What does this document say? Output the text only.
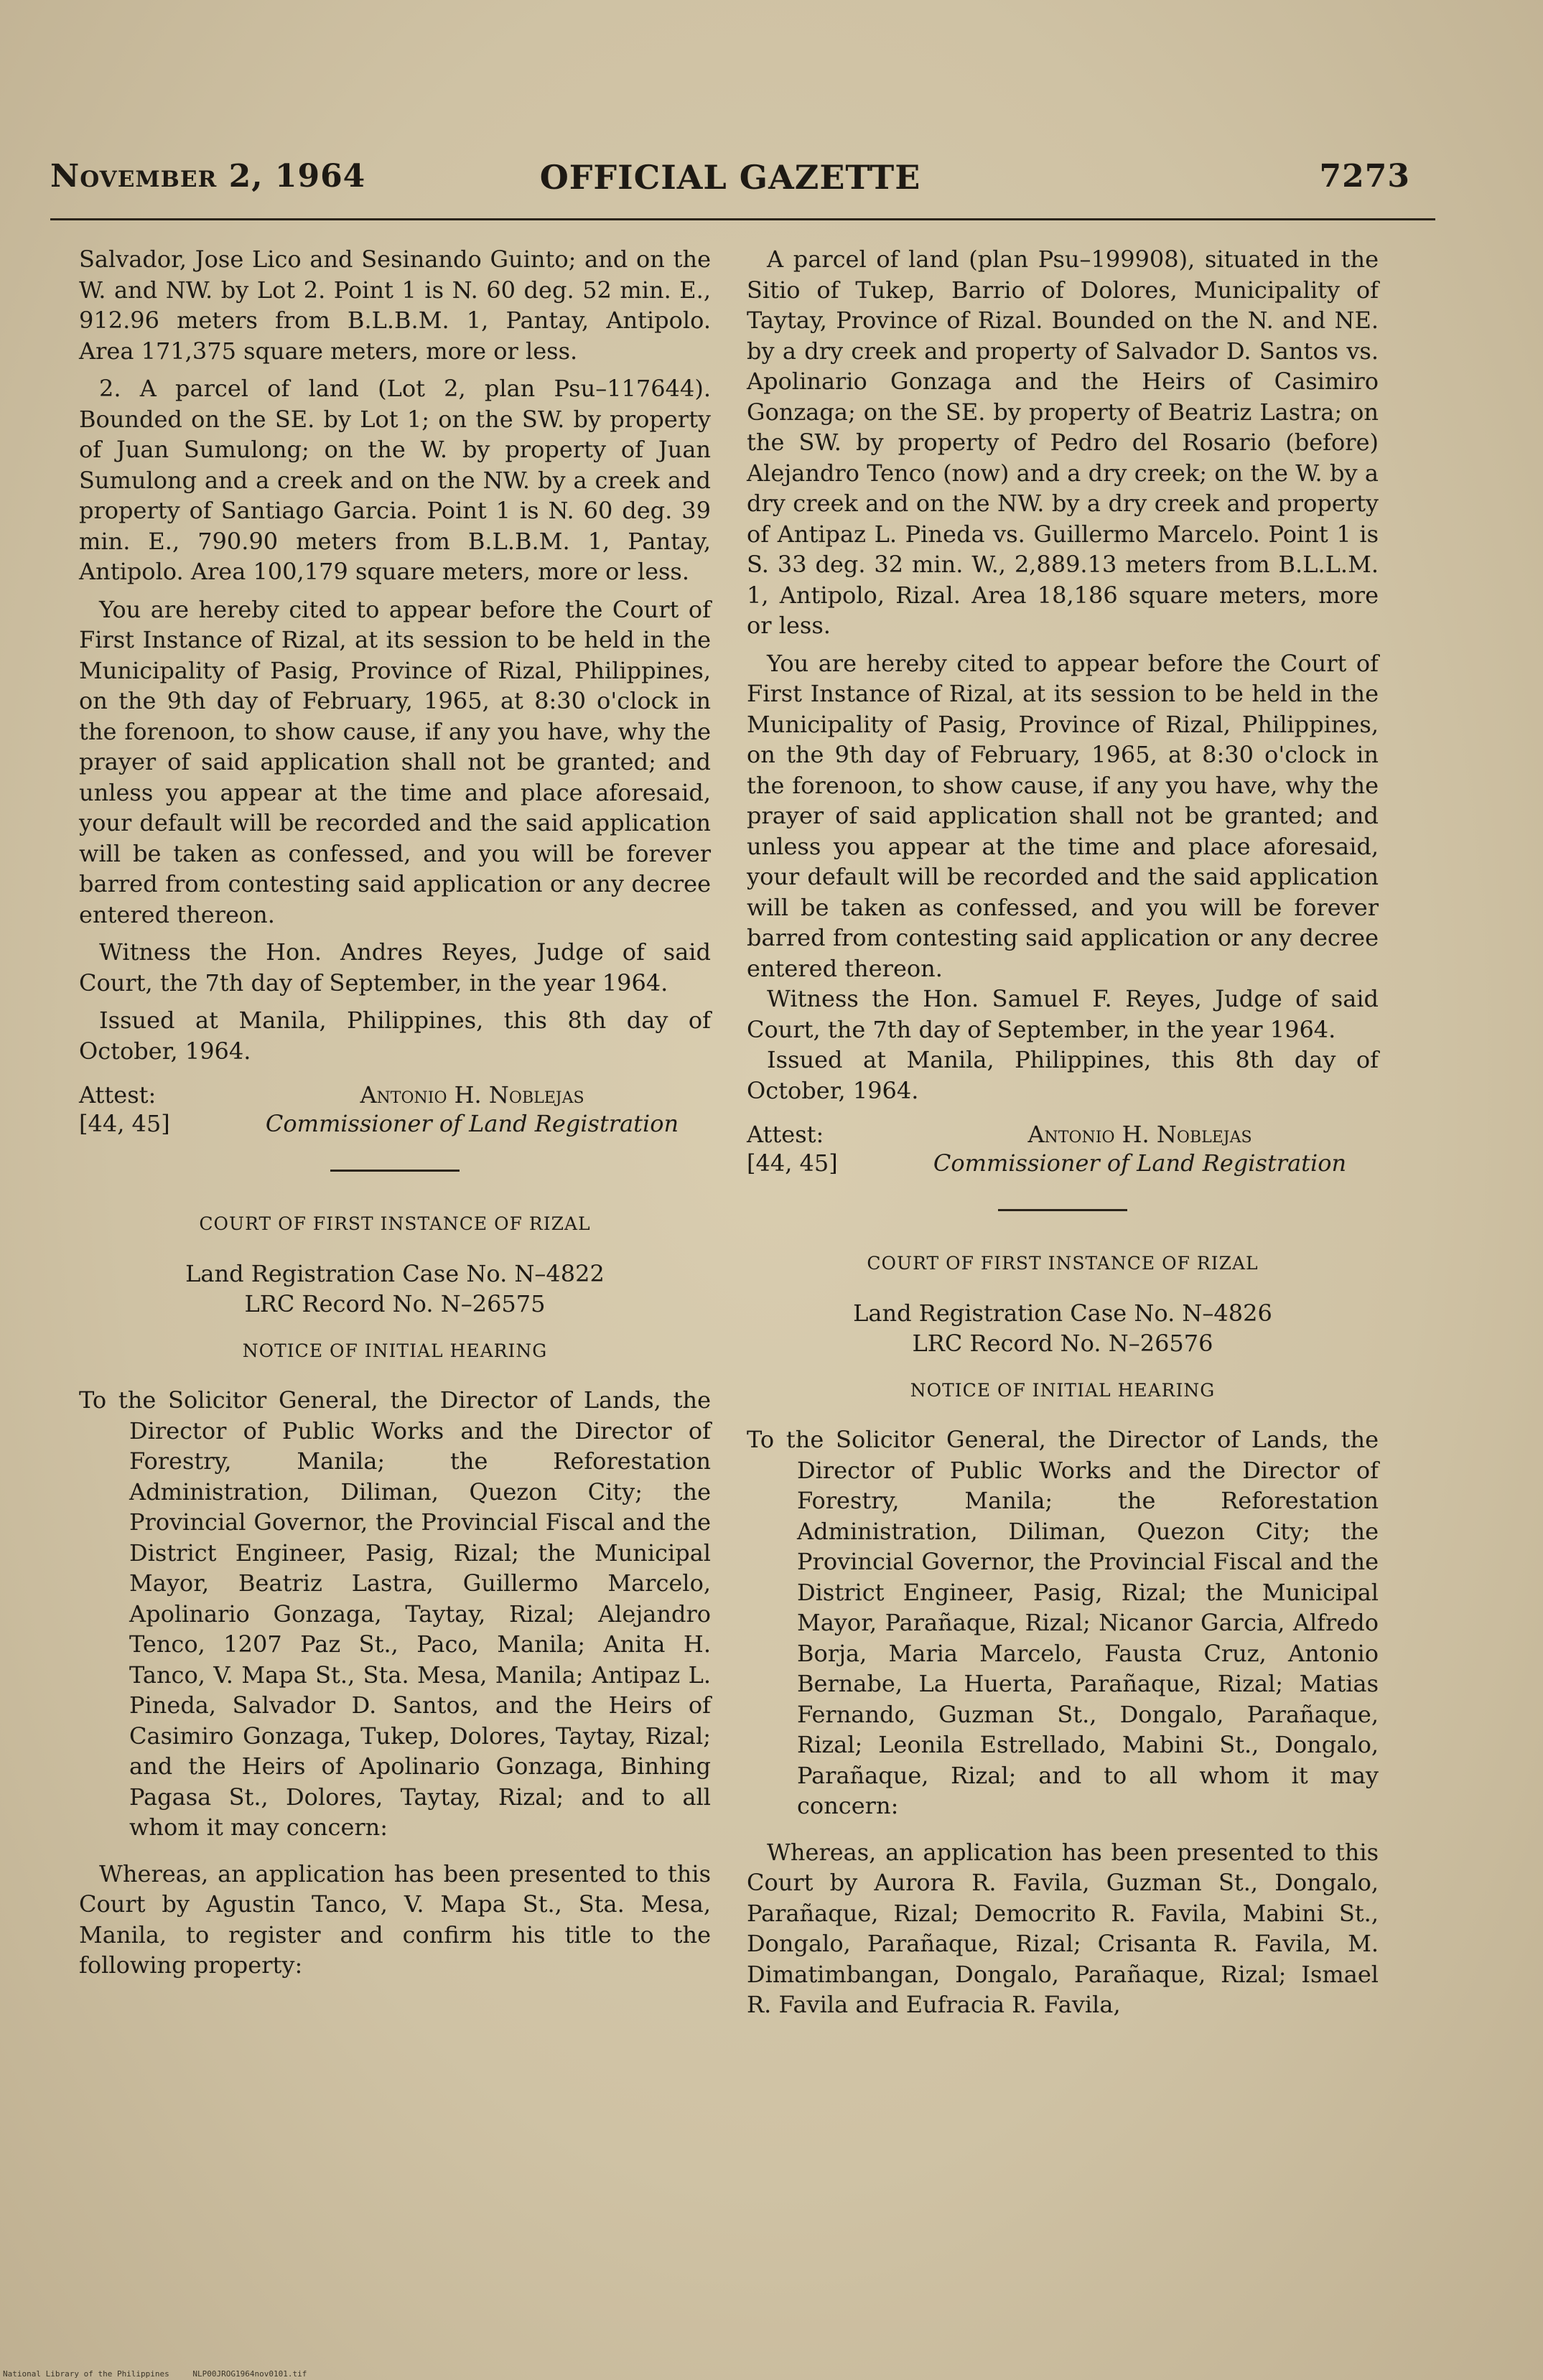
November 2, 1964	OFFICIAL GAZETTE	7273

Salvador, Jose Lico and Sesinando Guinto; and on the W. and NW. by Lot 2. Point 1 is N. 60 deg. 52 min. E., 912.96 meters from B.L.B.M. 1, Pantay, Antipolo. Area 171,375 square meters, more or less.

2. A parcel of land (Lot 2, plan Psu–117644). Bounded on the SE. by Lot 1; on the SW. by property of Juan Sumulong; on the W. by property of Juan Sumulong and a creek and on the NW. by a creek and property of Santiago Garcia. Point 1 is N. 60 deg. 39 min. E., 790.90 meters from B.L.B.M. 1, Pantay, Antipolo. Area 100,179 square meters, more or less.

You are hereby cited to appear before the Court of First Instance of Rizal, at its session to be held in the Municipality of Pasig, Province of Rizal, Philippines, on the 9th day of February, 1965, at 8:30 o'clock in the forenoon, to show cause, if any you have, why the prayer of said application shall not be granted; and unless you appear at the time and place aforesaid, your default will be recorded and the said application will be taken as confessed, and you will be forever barred from contesting said application or any decree entered thereon.

Witness the Hon. Andres Reyes, Judge of said Court, the 7th day of September, in the year 1964.

Issued at Manila, Philippines, this 8th day of October, 1964.

Attest:
[44, 45]
Antonio H. Noblejas
Commissioner of Land Registration
COURT OF FIRST INSTANCE OF RIZAL
Land Registration Case No. N–4822
LRC Record No. N–26575
NOTICE OF INITIAL HEARING

To the Solicitor General, the Director of Lands, the Director of Public Works and the Director of Forestry, Manila; the Reforestation Administration, Diliman, Quezon City; the Provincial Governor, the Provincial Fiscal and the District Engineer, Pasig, Rizal; the Municipal Mayor, Beatriz Lastra, Guillermo Marcelo, Apolinario Gonzaga, Taytay, Rizal; Alejandro Tenco, 1207 Paz St., Paco, Manila; Anita H. Tanco, V. Mapa St., Sta. Mesa, Manila; Antipaz L. Pineda, Salvador D. Santos, and the Heirs of Casimiro Gonzaga, Tukep, Dolores, Taytay, Rizal; and the Heirs of Apolinario Gonzaga, Binhing Pagasa St., Dolores, Taytay, Rizal; and to all whom it may concern:

Whereas, an application has been presented to this Court by Agustin Tanco, V. Mapa St., Sta. Mesa, Manila, to register and confirm his title to the following property:

A parcel of land (plan Psu–199908), situated in the Sitio of Tukep, Barrio of Dolores, Municipality of Taytay, Province of Rizal. Bounded on the N. and NE. by a dry creek and property of Salvador D. Santos vs. Apolinario Gonzaga and the Heirs of Casimiro Gonzaga; on the SE. by property of Beatriz Lastra; on the SW. by property of Pedro del Rosario (before) Alejandro Tenco (now) and a dry creek; on the W. by a dry creek and on the NW. by a dry creek and property of Antipaz L. Pineda vs. Guillermo Marcelo. Point 1 is S. 33 deg. 32 min. W., 2,889.13 meters from B.L.L.M. 1, Antipolo, Rizal. Area 18,186 square meters, more or less.

You are hereby cited to appear before the Court of First Instance of Rizal, at its session to be held in the Municipality of Pasig, Province of Rizal, Philippines, on the 9th day of February, 1965, at 8:30 o'clock in the forenoon, to show cause, if any you have, why the prayer of said application shall not be granted; and unless you appear at the time and place aforesaid, your default will be recorded and the said application will be taken as confessed, and you will be forever barred from contesting said application or any decree entered thereon.

Witness the Hon. Samuel F. Reyes, Judge of said Court, the 7th day of September, in the year 1964.

Issued at Manila, Philippines, this 8th day of October, 1964.

Attest:
[44, 45]
Antonio H. Noblejas
Commissioner of Land Registration
COURT OF FIRST INSTANCE OF RIZAL
Land Registration Case No. N–4826
LRC Record No. N–26576
NOTICE OF INITIAL HEARING

To the Solicitor General, the Director of Lands, the Director of Public Works and the Director of Forestry, Manila; the Reforestation Administration, Diliman, Quezon City; the Provincial Governor, the Provincial Fiscal and the District Engineer, Pasig, Rizal; the Municipal Mayor, Parañaque, Rizal; Nicanor Garcia, Alfredo Borja, Maria Marcelo, Fausta Cruz, Antonio Bernabe, La Huerta, Parañaque, Rizal; Matias Fernando, Guzman St., Dongalo, Parañaque, Rizal; Leonila Estrellado, Mabini St., Dongalo, Parañaque, Rizal; and to all whom it may concern:

Whereas, an application has been presented to this Court by Aurora R. Favila, Guzman St., Dongalo, Parañaque, Rizal; Democrito R. Favila, Mabini St., Dongalo, Parañaque, Rizal; Crisanta R. Favila, M. Dimatimbangan, Dongalo, Parañaque, Rizal; Ismael R. Favila and Eufracia R. Favila,

National Library of the Philippines	NLP00JROG1964nov0101.tif
